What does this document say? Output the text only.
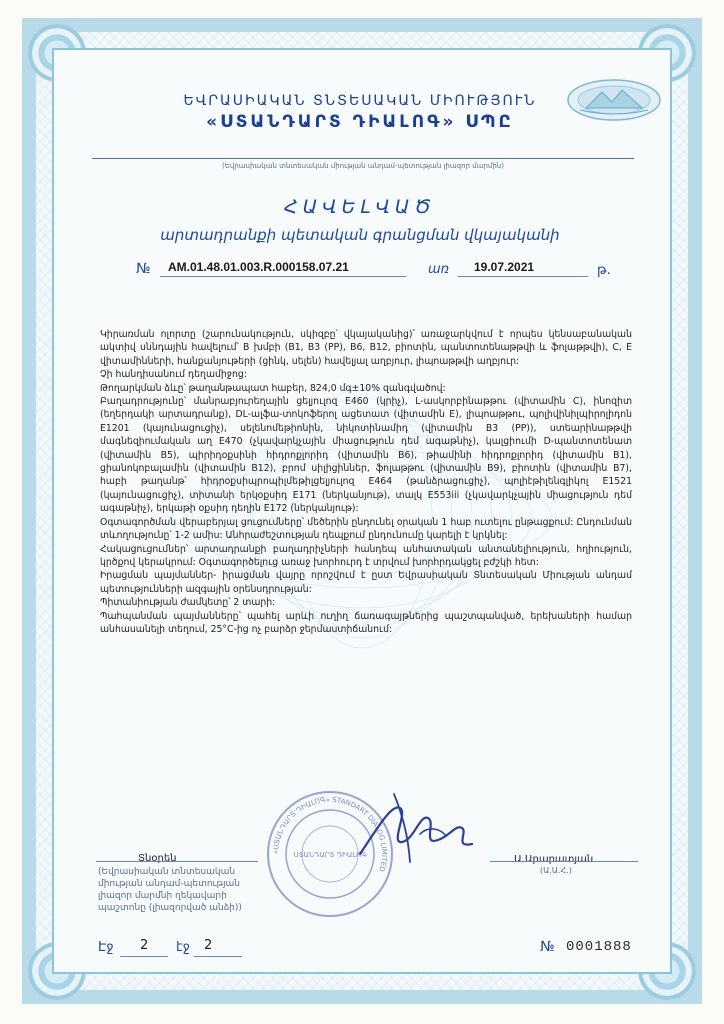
ԵՎՐԱՍԻԱԿԱՆ ՏՆՏԵՍԱԿԱՆ ՄԻՈՒԹՅՈՒՆ
«ՍՏԱՆԴԱՐՏ ԴԻԱԼՈԳ» ՍՊԸ
(Եվրասիական տնտեսական միության անդամ-պետության լիազոր մարմին)
ՀԱՎԵԼՎԱԾ
արտադրանքի պետական գրանցման վկայականի
№ AM.01.48.01.003.R.000158.07.21	առ 19.07.2021	թ.

Կիրառման ոլորտը (շարունակություն, սկիզբը՝ վկայականից)՝ առաջարկվում է որպես կենսաբանական ակտիվ սննդային հավելում՝ B խմբի (B1, B3 (PP), B6, B12, բիոտին, պանտոտենաթթվի և ֆոլաթթվի), C, E վիտամինների, հանքանյութերի (ցինկ, սելեն) հավելյալ աղբյուր, լիպոաթթվի աղբյուր:

Չի հանդիսանում դեղամիջոց:

Թողարկման ձևը՝ թաղանթապատ հաբեր, 824,0 մգ±10% զանգվածով:

Բաղադրությունը՝ մանրաբյուրեղային ցելյուլոզ E460 (կրիչ), L-ասկորբինաթթու (վիտամին C), ինոզիտ (եղերդակի արտադրանք), DL-ալֆա-տոկոֆերոլ ացետատ (վիտամին E), լիպոաթթու, պոլիվինիլպիրոլիդոն E1201 (կայունացուցիչ), սելենոմեթիոնին, նիկոտինամիդ (վիտամին B3 (PP)), ստեարինաթթվի մագնեզիումական աղ E470 (չկավարկչային միացություն դեմ ագաթնիչ), կալցիումի D-պանտոտենատ (վիտամին B5), պիրիդօքսինի հիդրոքլորիդ (վիտամին B6), թիամինի հիդրոքլորիդ (վիտամին B1), ցիանոկոբալամին (վիտամին B12), բրոմ սիլիցիններ, ֆոլաթթու (վիտամին B9), բիոտին (վիտամին B7), հաբի թաղանթ՝ հիդրօքսիպրոպիլմեթիլցելյուլոզ E464 (թանձրացուցիչ), պոլիէթիլենգլիկոլ E1521 (կայունացուցիչ), տիտանի երկօքսիդ E171 (ներկանյութ), տալկ E553iii (չկավարկչային միացություն դեմ ագաթնիչ), երկաթի օքսիդ դեղին E172 (ներկանյութ):

Օգտագործման վերաբերյալ ցուցումները՝ մեծերին ընդունել օրական 1 հաբ ուտելու ընթացքում: Ընդունման տևողությունը՝ 1-2 ամիս: Անհրաժեշտության դեպքում ընդունումը կարելի է կրկնել:

Հակացուցումներ՝ արտադրանքի բաղադրիչների հանդեպ անհատական անտանելիություն, հղիություն, կրծքով կերակրում: Օգտագործելուց առաջ խորհուրդ է տրվում խորհրդակցել բժշկի հետ:

Իրացման պայմաններ- իրացման վայրը որոշվում է ըստ Եվրասիական Տնտեսական Միության անդամ պետությունների ազգային օրենսդրության:

Պիտանիության ժամկետը՝ 2 տարի:

Պահպանման պայմանները՝ պահել արևի ուղիղ ճառագայթներից պաշտպանված, երեխաների համար անհասանելի տեղում, 25°C-ից ոչ բարձր ջերմաստիճանում:

«ՍՏԱՆԴԱՐՏ ԴԻԱԼՈԳ» STANDART DIALOG LIMITED
ՍՏԱՆԴԱՐՏ ԴԻԱԼՈԳ
Տնօրեն
(Եվրասիական տնտեսական միության անդամ-պետության լիազոր մարմնի ղեկավարի պաշտոնը (լիազորված անձի))
Ա.Արարատյան
(Ա.Ա.Հ.)
Էջ 2 էջ 2	№ 0001888
